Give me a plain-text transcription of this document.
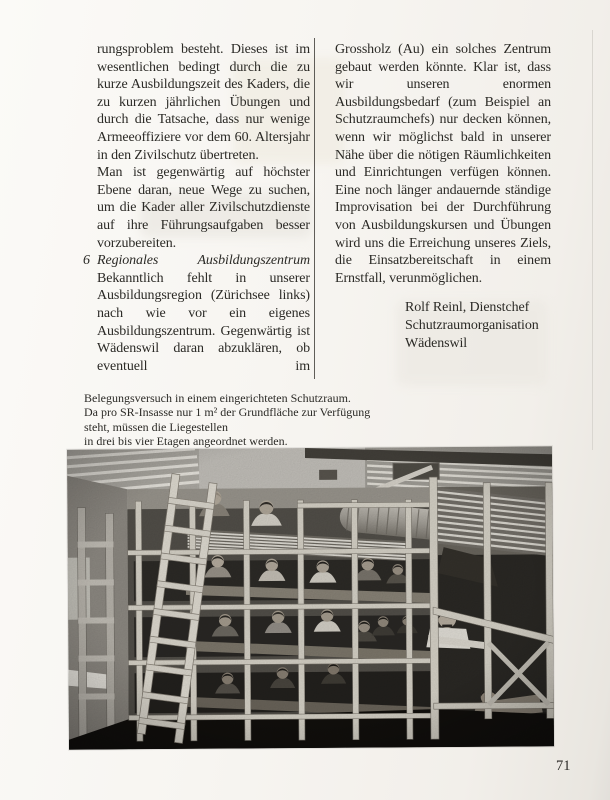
rungsproblem besteht. Dieses ist im wesentlichen bedingt durch die zu kurze Ausbildungszeit des Kaders, die zu kurzen jährlichen Übungen und durch die Tatsache, dass nur wenige Armeeoffiziere vor dem 60. Altersjahr in den Zivilschutz übertreten.

Man ist gegenwärtig auf höchster Ebene daran, neue Wege zu suchen, um die Kader aller Zivilschutzdienste auf ihre Führungsaufgaben besser vorzubereiten.

6 Regionales	Ausbildungszentrum

Bekanntlich fehlt in unserer Ausbildungsregion (Zürichsee links) nach wie vor ein eigenes Ausbildungszentrum. Gegenwärtig ist Wädenswil daran abzuklären, ob eventuell im

Grossholz (Au) ein solches Zentrum gebaut werden könnte. Klar ist, dass wir unseren enormen Ausbildungsbedarf (zum Beispiel an Schutzraumchefs) nur decken können, wenn wir möglichst bald in unserer Nähe über die nötigen Räumlichkeiten und Einrichtungen verfügen können. Eine noch länger andauernde ständige Improvisation bei der Durchführung von Ausbildungskursen und Übungen wird uns die Erreichung unseres Ziels, die Einsatzbereitschaft in einem Ernstfall, verunmöglichen.

Rolf Reinl, Dienstchef
Schutzraumorganisation
Wädenswil
Belegungsversuch in einem eingerichteten Schutzraum.
Da pro SR-Insasse nur 1 m² der Grundfläche zur Verfügung
steht, müssen die Liegestellen
in drei bis vier Etagen angeordnet werden.
71
